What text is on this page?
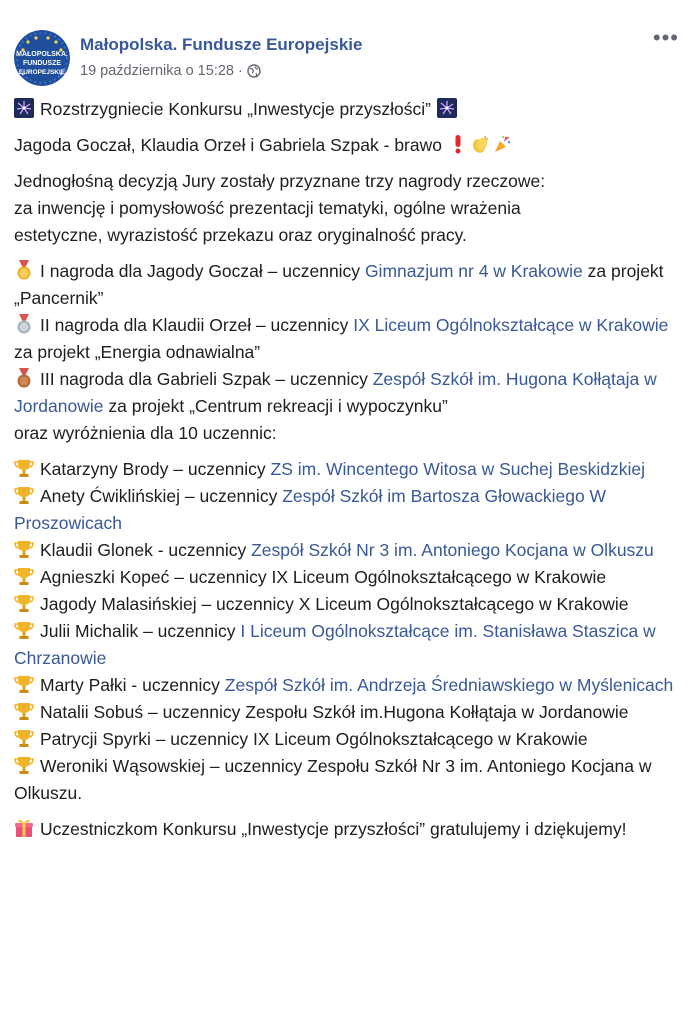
MAŁOPOLSKA.
FUNDUSZE
EUROPEJSKIE
Małopolska. Fundusze Europejskie
19 października o 15:28 ·
•••

Rozstrzygniecie Konkursu „Inwestycje przyszłości”

Jagoda Goczał, Klaudia Orzeł i Gabriela Szpak - brawo

Jednogłośną decyzją Jury zostały przyznane trzy nagrody rzeczowe:
za inwencję i pomysłowość prezentacji tematyki, ogólne wrażenia
estetyczne, wyrazistość przekazu oraz oryginalność pracy.

I nagroda dla Jagody Goczał – uczennicy Gimnazjum nr 4 w Krakowie za projekt „Pancernik”

II nagroda dla Klaudii Orzeł – uczennicy IX Liceum Ogólnokształcące w Krakowie za projekt „Energia odnawialna”

III nagroda dla Gabrieli Szpak – uczennicy Zespół Szkół im. Hugona Kołłątaja w Jordanowie za projekt „Centrum rekreacji i wypoczynku”

oraz wyróżnienia dla 10 uczennic:

Katarzyny Brody – uczennicy ZS im. Wincentego Witosa w Suchej Beskidzkiej

Anety Ćwiklińskiej – uczennicy Zespół Szkół im Bartosza Głowackiego W Proszowicach

Klaudii Glonek - uczennicy Zespół Szkół Nr 3 im. Antoniego Kocjana w Olkuszu

Agnieszki Kopeć – uczennicy IX Liceum Ogólnokształcącego w Krakowie

Jagody Malasińskiej – uczennicy X Liceum Ogólnokształcącego w Krakowie

Julii Michalik – uczennicy I Liceum Ogólnokształcące im. Stanisława Staszica w Chrzanowie

Marty Pałki - uczennicy Zespół Szkół im. Andrzeja Średniawskiego w Myślenicach

Natalii Sobuś – uczennicy Zespołu Szkół im.Hugona Kołłątaja w Jordanowie

Patrycji Spyrki – uczennicy IX Liceum Ogólnokształcącego w Krakowie

Weroniki Wąsowskiej – uczennicy Zespołu Szkół Nr 3 im. Antoniego Kocjana w Olkuszu.

Uczestniczkom Konkursu „Inwestycje przyszłości” gratulujemy i dziękujemy!
